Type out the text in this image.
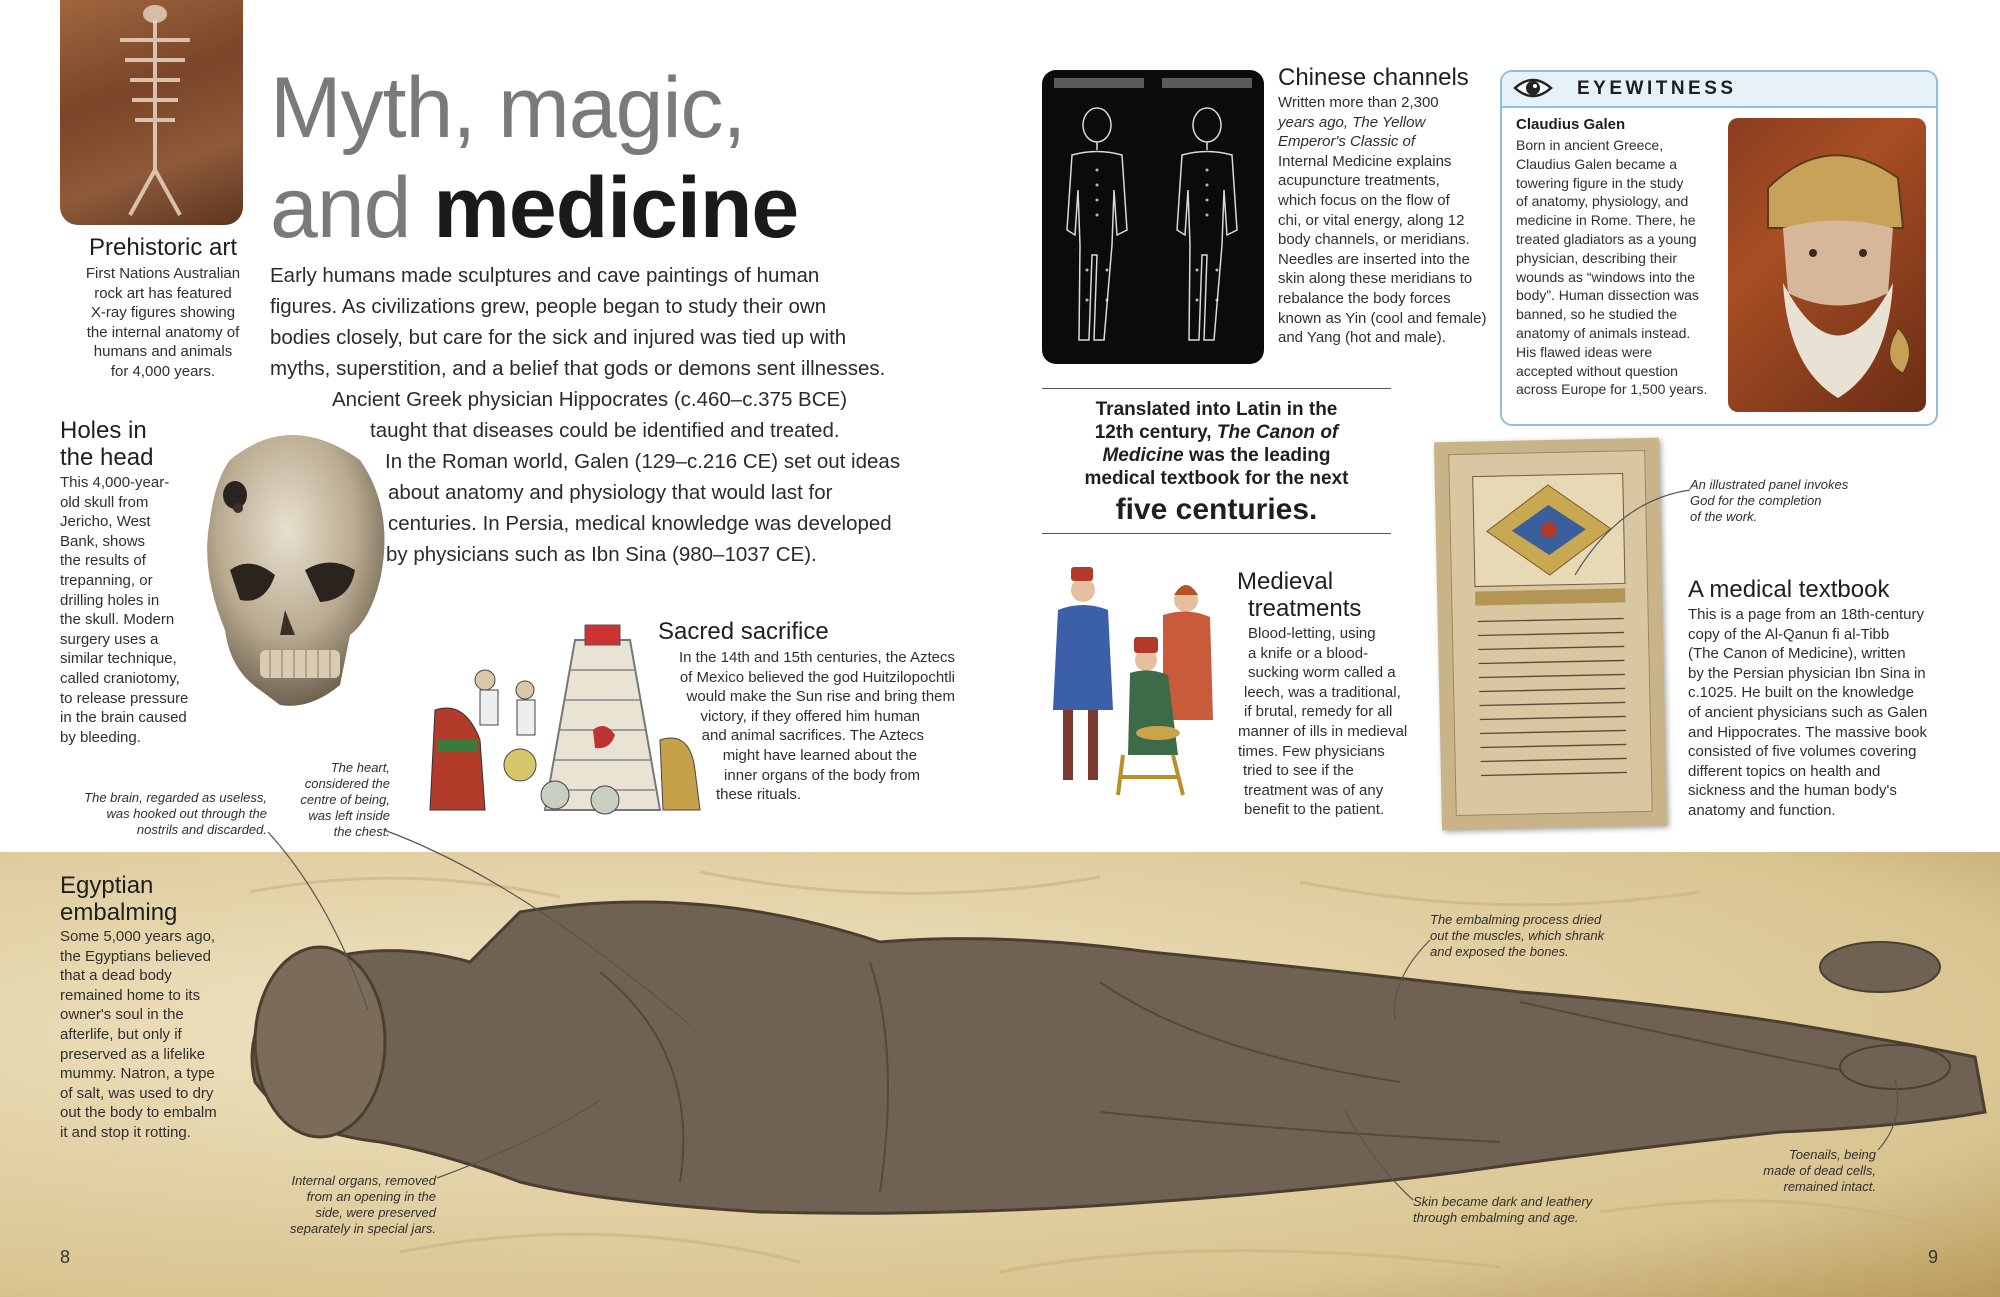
Prehistoric art
First Nations Australian
rock art has featured
X-ray figures showing
the internal anatomy of
humans and animals
for 4,000 years.
Myth, magic,
and medicine
Early humans made sculptures and cave paintings of human
figures. As civilizations grew, people began to study their own
bodies closely, but care for the sick and injured was tied up with
myths, superstition, and a belief that gods or demons sent illnesses.
Ancient Greek physician Hippocrates (c.460–c.375 BCE)
taught that diseases could be identified and treated.
In the Roman world, Galen (129–c.216 CE) set out ideas
about anatomy and physiology that would last for
centuries. In Persia, medical knowledge was developed
by physicians such as Ibn Sina (980–1037 CE).
Holes in
the head
This 4,000-year-
old skull from
Jericho, West
Bank, shows
the results of
trepanning, or
drilling holes in
the skull. Modern
surgery uses a
similar technique,
called craniotomy,
to release pressure
in the brain caused
by bleeding.
Sacred sacrifice
In the 14th and 15th centuries, the Aztecs
of Mexico believed the god Huitzilopochtli
would make the Sun rise and bring them
victory, if they offered him human
and animal sacrifices. The Aztecs
might have learned about the
inner organs of the body from
these rituals.
Chinese channels
Written more than 2,300
years ago, The Yellow
Emperor's Classic of
Internal Medicine explains
acupuncture treatments,
which focus on the flow of
chi, or vital energy, along 12
body channels, or meridians.
Needles are inserted into the
skin along these meridians to
rebalance the body forces
known as Yin (cool and female)
and Yang (hot and male).
EYEWITNESS
Claudius Galen
Born in ancient Greece,
Claudius Galen became a
towering figure in the study
of anatomy, physiology, and
medicine in Rome. There, he
treated gladiators as a young
physician, describing their
wounds as “windows into the
body”. Human dissection was
banned, so he studied the
anatomy of animals instead.
His flawed ideas were
accepted without question
across Europe for 1,500 years.
Translated into Latin in the
12th century, The Canon of
Medicine was the leading
medical textbook for the next
five centuries.
Medieval
treatments
Blood-letting, using
a knife or a blood-
sucking worm called a
leech, was a traditional,
if brutal, remedy for all
manner of ills in medieval
times. Few physicians
tried to see if the
treatment was of any
benefit to the patient.
A medical textbook
This is a page from an 18th-century
copy of the Al-Qanun fi al-Tibb
(The Canon of Medicine), written
by the Persian physician Ibn Sina in
c.1025. He built on the knowledge
of ancient physicians such as Galen
and Hippocrates. The massive book
consisted of five volumes covering
different topics on health and
sickness and the human body's
anatomy and function.
Egyptian
embalming
Some 5,000 years ago,
the Egyptians believed
that a dead body
remained home to its
owner's soul in the
afterlife, but only if
preserved as a lifelike
mummy. Natron, a type
of salt, was used to dry
out the body to embalm
it and stop it rotting.
The brain, regarded as useless,
was hooked out through the
nostrils and discarded.
The heart,
considered the
centre of being,
was left inside
the chest.
An illustrated panel invokes
God for the completion
of the work.
The embalming process dried
out the muscles, which shrank
and exposed the bones.
Internal organs, removed
from an opening in the
side, were preserved
separately in special jars.
Skin became dark and leathery
through embalming and age.
Toenails, being
made of dead cells,
remained intact.
8	9
